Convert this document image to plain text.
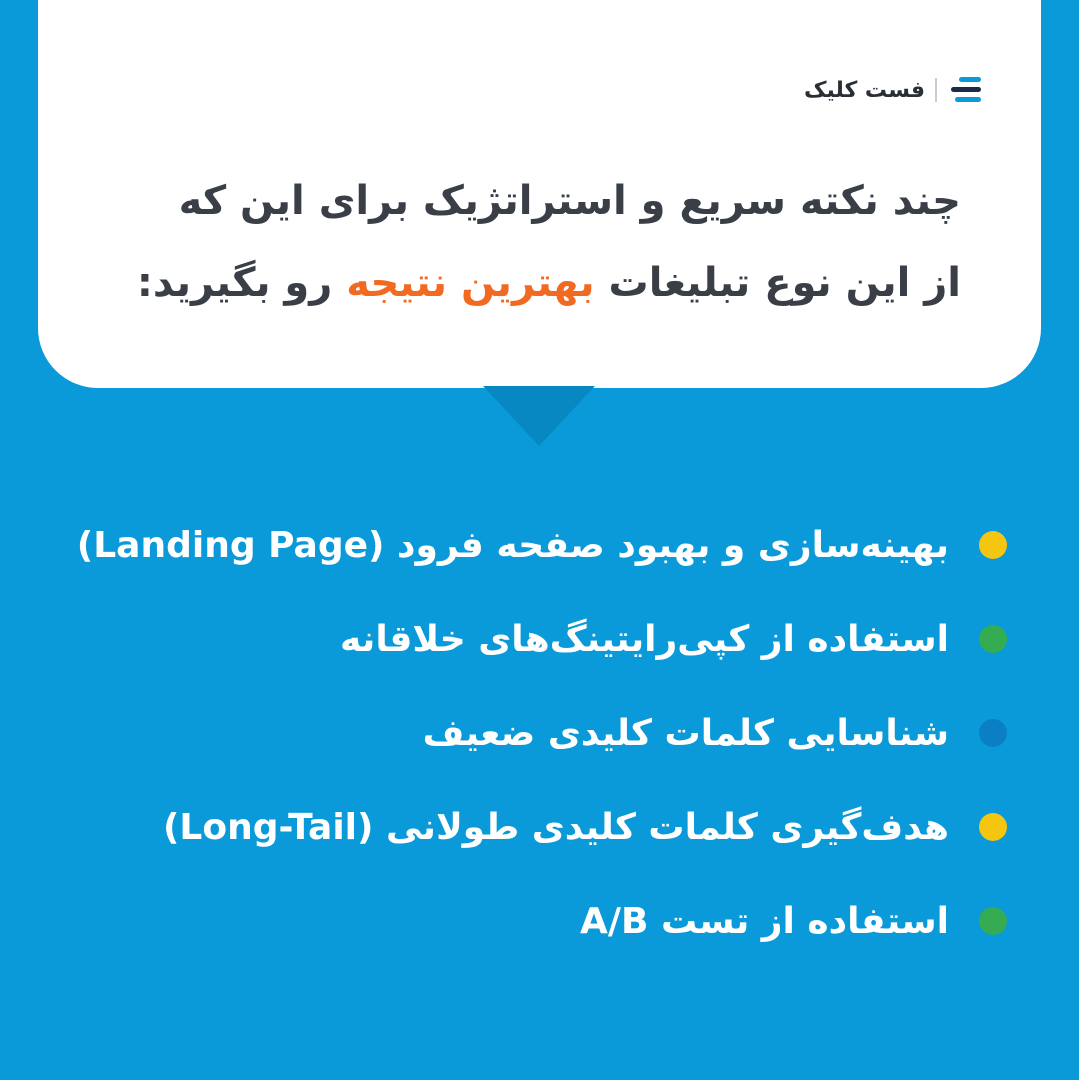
فست کلیک
چند نکته سریع و استراتژیک برای این که
از این نوع تبلیغات بهترین نتیجه رو بگیرید:
بهینه‌سازی و بهبود صفحه فرود (Landing Page)
استفاده از کپی‌رایتینگ‌های خلاقانه
شناسایی کلمات کلیدی ضعیف
هدف‌گیری کلمات کلیدی طولانی (Long-Tail)
استفاده از تست A/B
